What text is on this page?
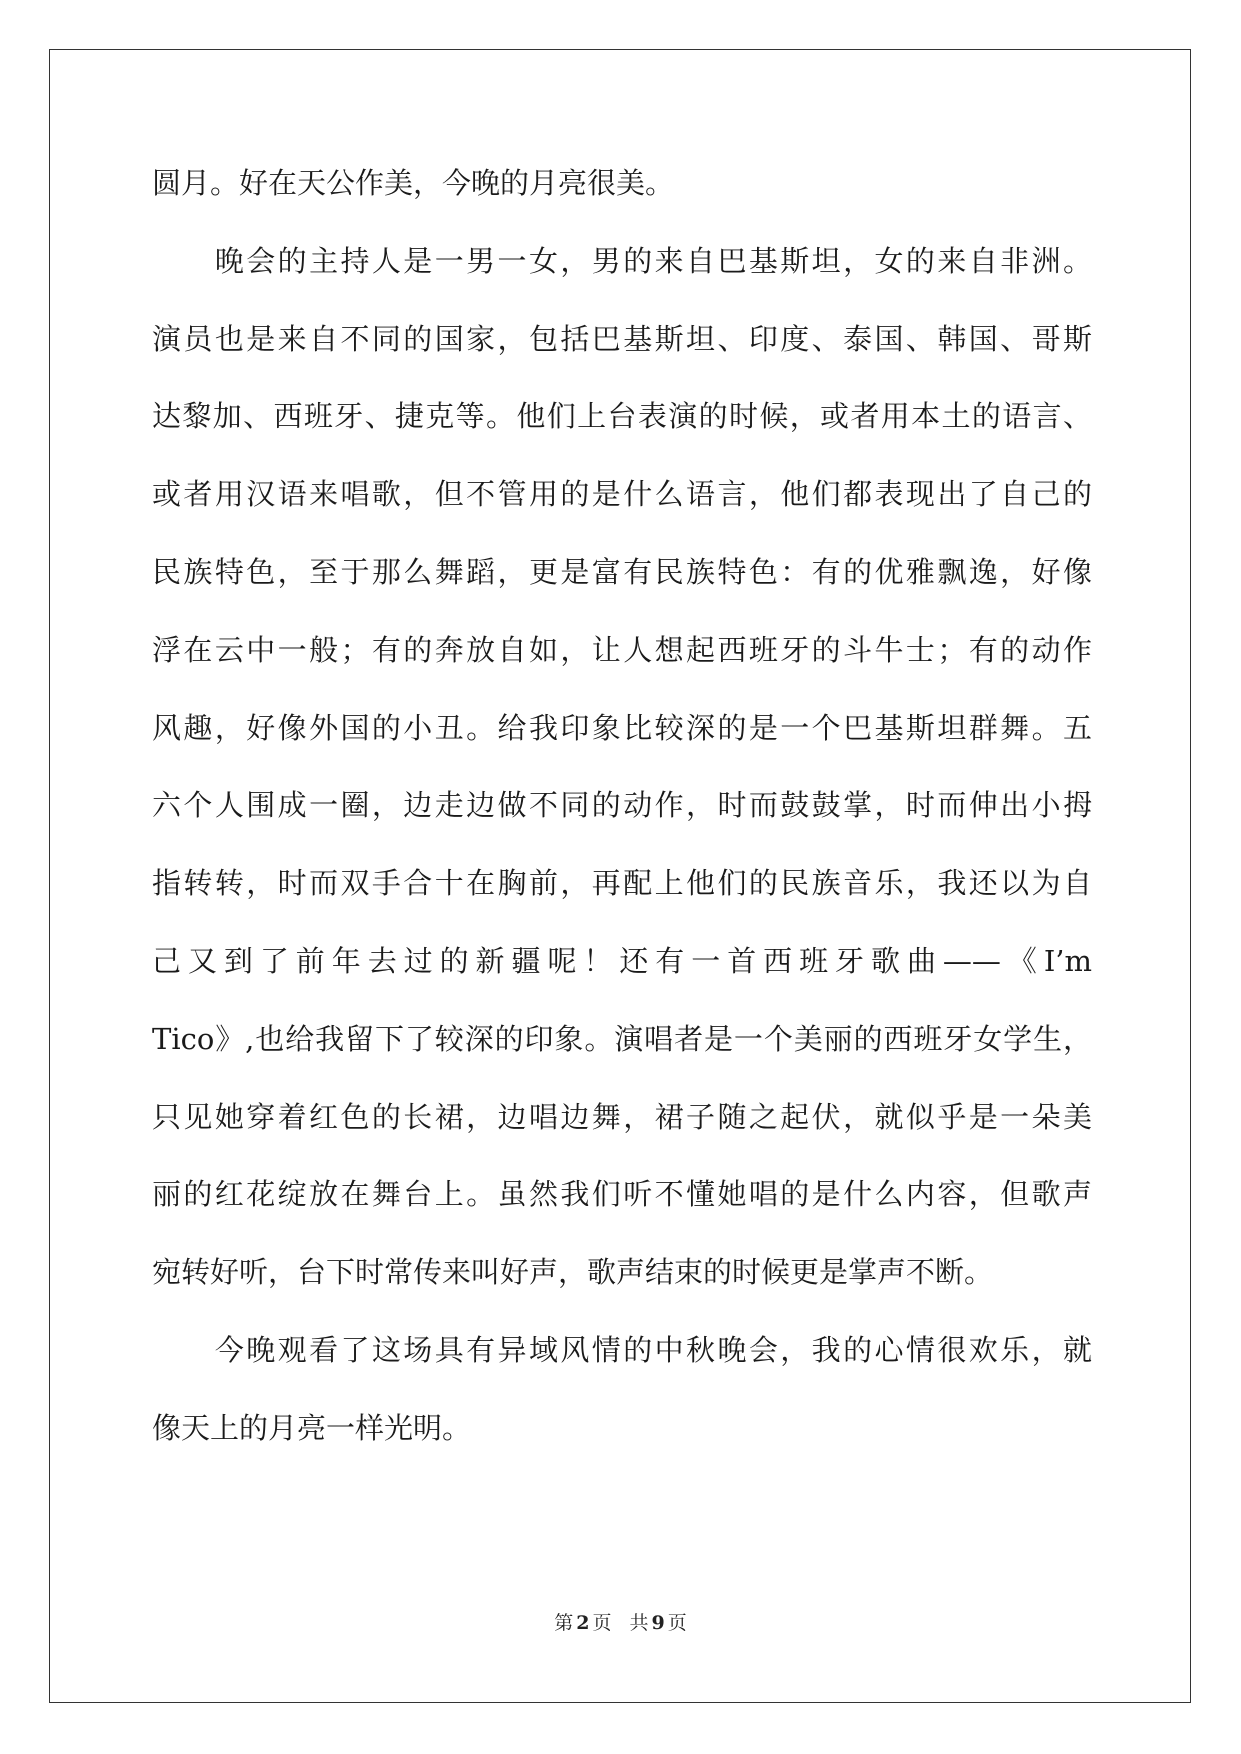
圆月。好在天公作美，今晚的月亮很美。
　　晚会的主持人是一男一女，男的来自巴基斯坦，女的来自非洲。
演员也是来自不同的国家，包括巴基斯坦、印度、泰国、韩国、哥斯
达黎加、西班牙、捷克等。他们上台表演的时候，或者用本土的语言、
或者用汉语来唱歌，但不管用的是什么语言，他们都表现出了自己的
民族特色，至于那么舞蹈，更是富有民族特色：有的优雅飘逸，好像
浮在云中一般；有的奔放自如，让人想起西班牙的斗牛士；有的动作
风趣，好像外国的小丑。给我印象比较深的是一个巴基斯坦群舞。五
六个人围成一圈，边走边做不同的动作，时而鼓鼓掌，时而伸出小拇
指转转，时而双手合十在胸前，再配上他们的民族音乐，我还以为自
己又到了前年去过的新疆呢！还有一首西班牙歌曲——《I’m
Tico》,也给我留下了较深的印象。演唱者是一个美丽的西班牙女学生，
只见她穿着红色的长裙，边唱边舞，裙子随之起伏，就似乎是一朵美
丽的红花绽放在舞台上。虽然我们听不懂她唱的是什么内容，但歌声
宛转好听，台下时常传来叫好声，歌声结束的时候更是掌声不断。
　　今晚观看了这场具有异域风情的中秋晚会，我的心情很欢乐，就
像天上的月亮一样光明。
第 2 页 共 9 页
